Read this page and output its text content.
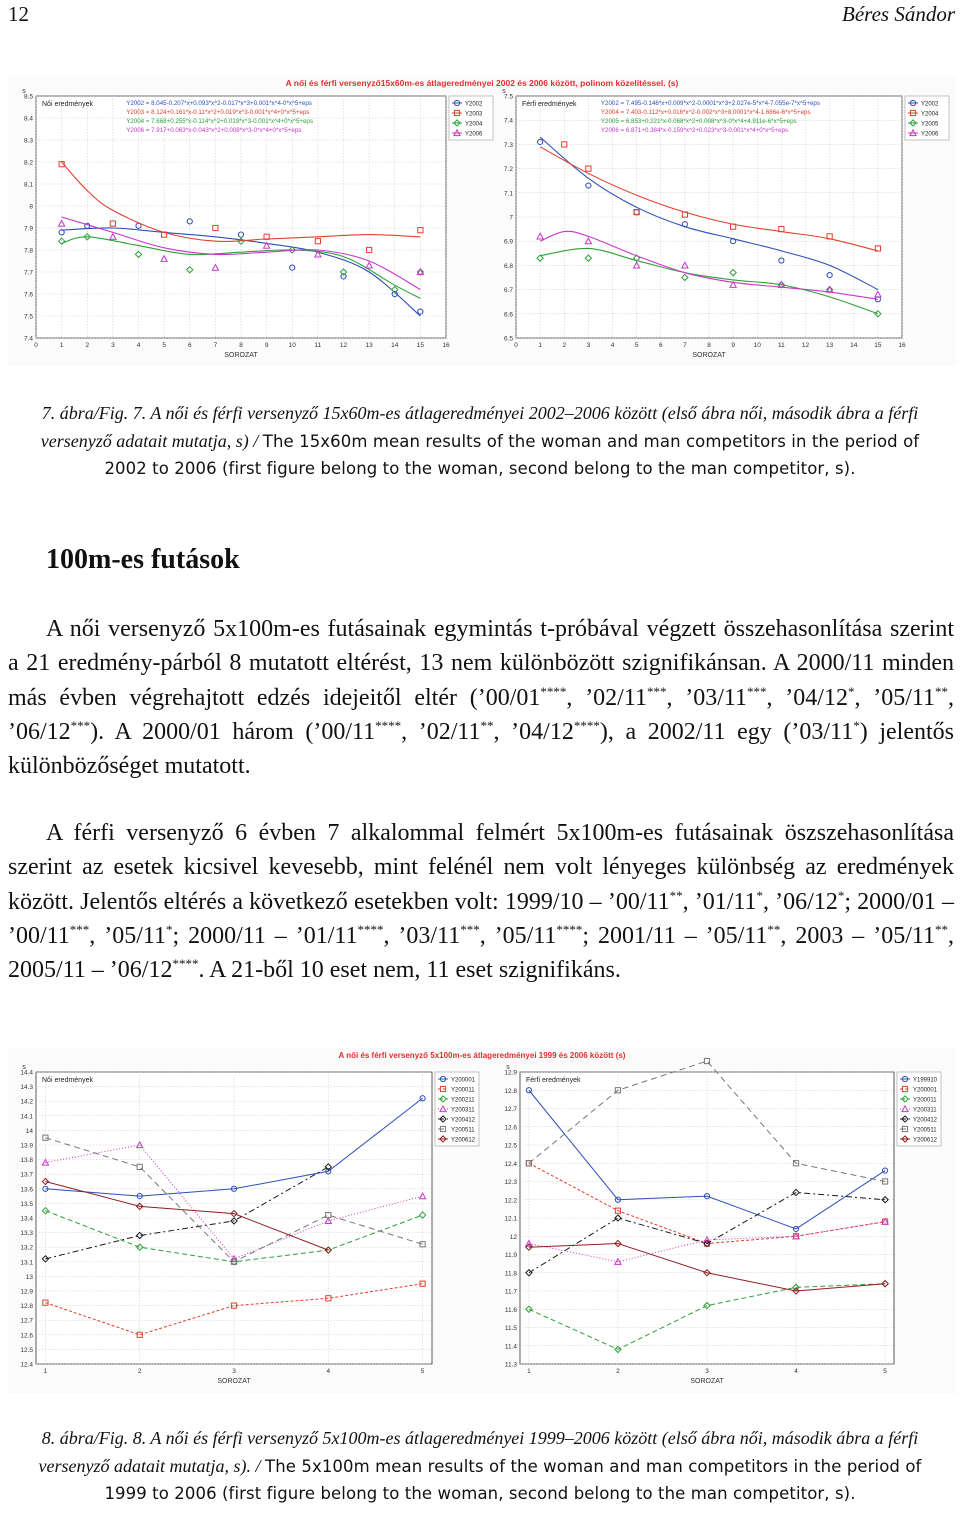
12	Béres Sándor
A női és férfi versenyző15x60m-es átlageredményei 2002 és 2006 között, polinom közelítéssel. (s)
7.4
7.5
7.6
7.7
7.8
7.9
8
8.1
8.2
8.3
8.4
8.5
0	1	2	3	4	5	6	7	8	9	10	11	12	13	14	15	16
s
SOROZAT
Női eredmények	Y2002 = 8.045-0.207*x+0.093*x^2-0.017*x^3+0.001*x^4-0*x^5+eps
Y2003 = 8.124+0.161*x-0.11*x^2+0.019*x^3-0.001*x^4+0*x^5+eps
Y2004 = 7.668+0.255*x-0.114*x^2+0.019*x^3-0.001*x^4+0*x^5+eps
Y2006 = 7.917+0.063*x-0.043*x^2+0.008*x^3-0*x^4+0*x^5+eps
Y2002
Y2003
Y2004
Y2006
6.5
6.6
6.7
6.8
6.9
7
7.1
7.2
7.3
7.4
7.5
0	1	2	3	4	5	6	7	8	9	10	11	12	13	14	15	16
s
SOROZAT
Férfi eredmények	Y2002 = 7.495-0.146*x+0.009*x^2-0.0001*x^3+2.027e-5*x^4-7.055e-7*x^5+eps
Y2004 = 7.403-0.112*x+0.016*x^2-0.002*x^3+8.0001*x^4-1.686e-6*x^5+eps
Y2005 = 6.853+0.221*x-0.068*x^2+0.008*x^3-0*x^4+4.911e-6*x^5+eps
Y2006 = 6.871+0.384*x-0.159*x^2+0.023*x^3-0.001*x^4+0*x^5+eps
Y2002
Y2004
Y2005
Y2006
7. ábra/Fig. 7. A női és férfi versenyző 15x60m-es átlageredményei 2002–2006 között (első ábra női, második ábra a férfi versenyző adatait mutatja, s) / The 15x60m mean results of the woman and man competitors in the period of 2002 to 2006 (first figure belong to the woman, second belong to the man competitor, s).
100m-es futások
A női versenyző 5x100m-es futásainak egymintás t-próbával végzett összehasonlítása szerint a 21 eredmény-párból 8 mutatott eltérést, 13 nem különbözött szignifikánsan. A 2000/11 minden más évben végrehajtott edzés idejeitől eltér (’00/01****, ’02/11***, ’03/11***, ’04/12*, ’05/11**, ’06/12***). A 2000/01 három (’00/11****, ’02/11**, ’04/12****), a 2002/11 egy (’03/11*) jelentős különbözőséget mutatott.
A férfi versenyző 6 évben 7 alkalommal felmért 5x100m-es futásainak öszszehasonlítása szerint az esetek kicsivel kevesebb, mint felénél nem volt lényeges különbség az eredmények között. Jelentős eltérés a következő esetekben volt: 1999/10 – ’00/11**, ’01/11*, ’06/12*; 2000/01 – ’00/11***, ’05/11*; 2000/11 – ’01/11****, ’03/11***, ’05/11****; 2001/11 – ’05/11**, 2003 – ’05/11**, 2005/11 – ’06/12****. A 21-ből 10 eset nem, 11 eset szignifikáns.
A női és férfi versenyző 5x100m-es átlageredményei 1999 és 2006 között (s)
12.4
12.5
12.6
12.7
12.8
12.9
13
13.1
13.2
13.3
13.4
13.5
13.6
13.7
13.8
13.9
14
14.1
14.2
14.3
14.4
1	2	3	4	5
s
SOROZAT
Női eredmények	Y200001
Y200011
Y200211
Y200311
Y200412
Y200511
Y200612
11.3
11.4
11.5
11.6
11.7
11.8
11.9
12
12.1
12.2
12.3
12.4
12.5
12.6
12.7
12.8
12.9
1	2	3	4	5
s
SOROZAT
Férfi eredmények	Y199910
Y200001
Y200011
Y200311
Y200412
Y200511
Y200612
8. ábra/Fig. 8. A női és férfi versenyző 5x100m-es átlageredményei 1999–2006 között (első ábra női, második ábra a férfi versenyző adatait mutatja, s). / The 5x100m mean results of the woman and man competitors in the period of 1999 to 2006 (first figure belong to the woman, second belong to the man competitor, s).
